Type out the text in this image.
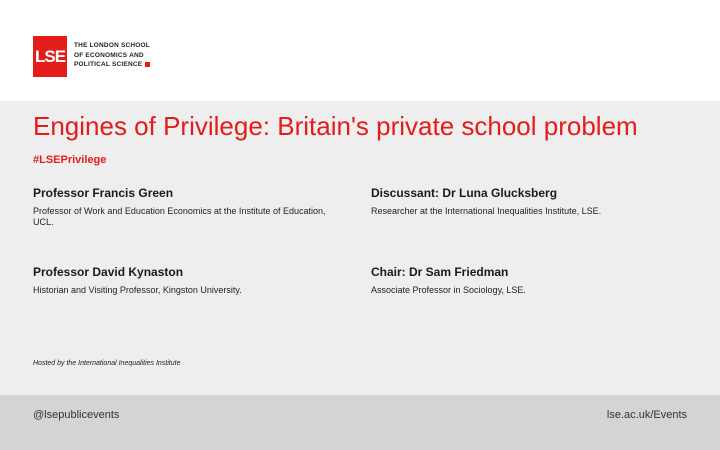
LSE
THE LONDON SCHOOL
OF ECONOMICS AND
POLITICAL SCIENCE
Engines of Privilege: Britain's private school problem
#LSEPrivilege
Professor Francis Green
Professor of Work and Education Economics at the Institute of Education, UCL.
Discussant: Dr Luna Glucksberg
Researcher at the International Inequalities Institute, LSE.
Professor David Kynaston
Historian and Visiting Professor, Kingston University.
Chair: Dr Sam Friedman
Associate Professor in Sociology, LSE.
Hosted by the International Inequalities Institute
@lsepublicevents	lse.ac.uk/Events
